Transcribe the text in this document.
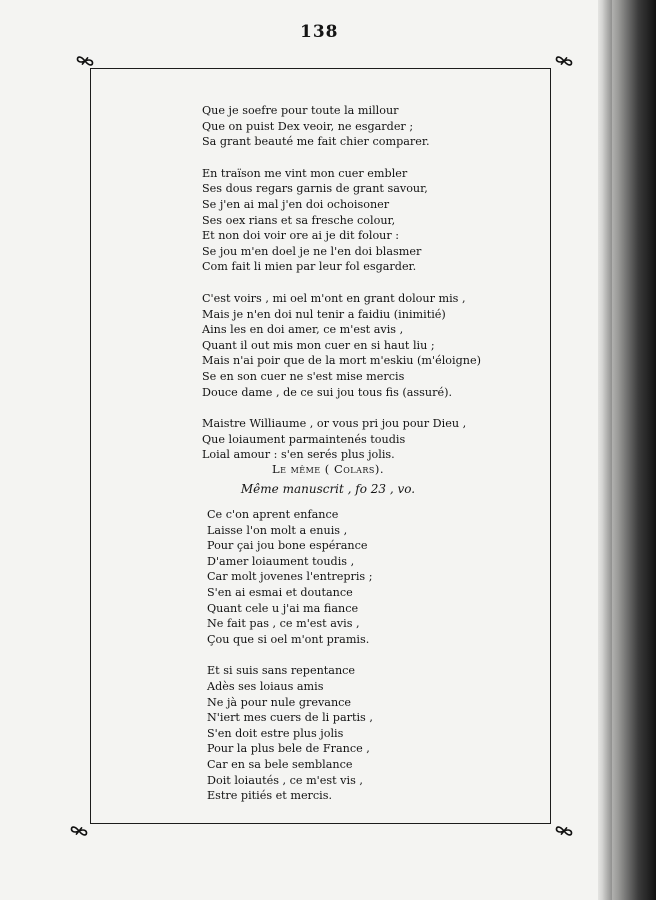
138
Que je soefre pour toute la millour
Que on puist Dex veoir, ne esgarder ;
Sa grant beauté me fait chier comparer.
En traïson me vint mon cuer embler
Ses dous regars garnis de grant savour,
Se j'en ai mal j'en doi ochoisoner
Ses oex rians et sa fresche colour,
Et non doi voir ore ai je dit folour :
Se jou m'en doel je ne l'en doi blasmer
Com fait li mien par leur fol esgarder.
C'est voirs , mi oel m'ont en grant dolour mis ,
Mais je n'en doi nul tenir a faidiu (inimitié)
Ains les en doi amer, ce m'est avis ,
Quant il out mis mon cuer en si haut liu ;
Mais n'ai poir que de la mort m'eskiu (m'éloigne)
Se en son cuer ne s'est mise mercis
Douce dame , de ce sui jou tous fis (assuré).
Maistre Williaume , or vous pri jou pour Dieu ,
Que loiaument parmaintenés toudis
Loial amour : s'en serés plus jolis.
Le même ( Colars).
Même manuscrit , fo 23 , vo.
Ce c'on aprent enfance
Laisse l'on molt a enuis ,
Pour çai jou bone espérance
D'amer loiaument toudis ,
Car molt jovenes l'entrepris ;
S'en ai esmai et doutance
Quant cele u j'ai ma fiance
Ne fait pas , ce m'est avis ,
Çou que si oel m'ont pramis.
Et si suis sans repentance
Adès ses loiaus amis
Ne jà pour nule grevance
N'iert mes cuers de li partis ,
S'en doit estre plus jolis
Pour la plus bele de France ,
Car en sa bele semblance
Doit loiautés , ce m'est vis ,
Estre pitiés et mercis.
